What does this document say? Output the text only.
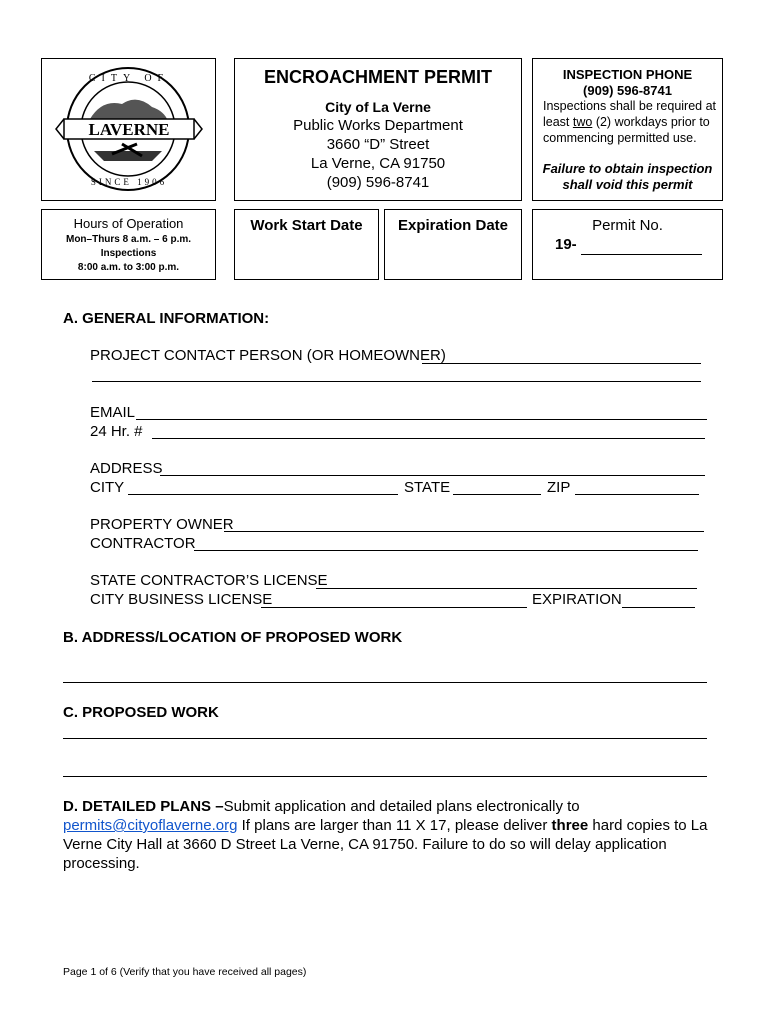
LAVERNE
CITY OF
SINCE 1906
ENCROACHMENT PERMIT
City of La Verne
Public Works Department
3660 “D” Street
La Verne, CA 91750
(909) 596-8741
INSPECTION PHONE
(909) 596-8741
Inspections shall be required at least two (2) workdays prior to commencing permitted use.
Failure to obtain inspection
shall void this permit
Hours of Operation
Mon–Thurs 8 a.m. – 6 p.m.
Inspections
8:00 a.m. to 3:00 p.m.
Work Start Date	Expiration Date	Permit No.
19-
A. GENERAL INFORMATION:
PROJECT CONTACT PERSON (OR HOMEOWNER)
EMAIL
24 Hr. #
ADDRESS
CITY	STATE	ZIP
PROPERTY OWNER
CONTRACTOR
STATE CONTRACTOR’S LICENSE
CITY BUSINESS LICENSE	EXPIRATION
B. ADDRESS/LOCATION OF PROPOSED WORK
C. PROPOSED WORK
D. DETAILED PLANS –Submit application and detailed plans electronically to
permits@cityoflaverne.org If plans are larger than 11 X 17, please deliver three hard copies to La Verne City Hall at 3660 D Street La Verne, CA 91750. Failure to do so will delay application processing.
Page 1 of 6 (Verify that you have received all pages)
